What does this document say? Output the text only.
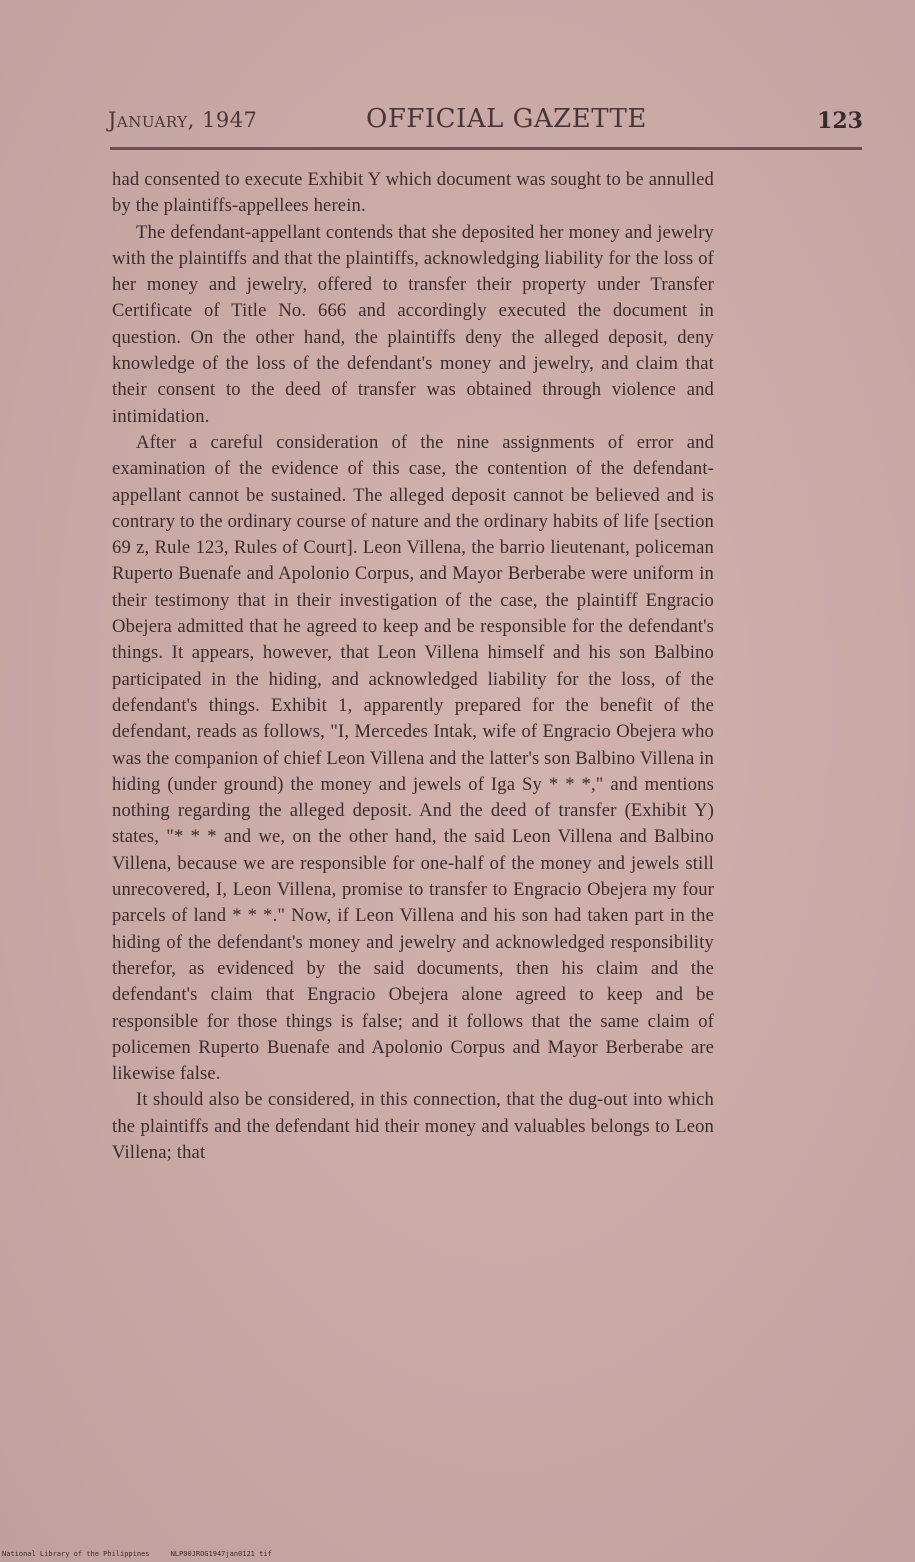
January, 1947	OFFICIAL GAZETTE	123

had consented to execute Exhibit Y which document was sought to be annulled by the plaintiffs-appellees herein.

The defendant-appellant contends that she deposited her money and jewelry with the plaintiffs and that the plaintiffs, acknowledging liability for the loss of her money and jewelry, offered to transfer their property under Transfer Certificate of Title No. 666 and accordingly executed the document in question. On the other hand, the plaintiffs deny the alleged deposit, deny knowledge of the loss of the defendant's money and jewelry, and claim that their consent to the deed of transfer was obtained through violence and intimidation.

After a careful consideration of the nine assignments of error and examination of the evidence of this case, the contention of the defendant-appellant cannot be sustained. The alleged deposit cannot be believed and is contrary to the ordinary course of nature and the ordinary habits of life [section 69 z, Rule 123, Rules of Court]. Leon Villena, the barrio lieutenant, policeman Ruperto Buenafe and Apolonio Corpus, and Mayor Berberabe were uniform in their testimony that in their investigation of the case, the plaintiff Engracio Obejera admitted that he agreed to keep and be responsible for the defendant's things. It appears, however, that Leon Villena himself and his son Balbino participated in the hiding, and acknowledged liability for the loss, of the defendant's things. Exhibit 1, apparently prepared for the benefit of the defendant, reads as follows, "I, Mercedes Intak, wife of Engracio Obejera who was the companion of chief Leon Villena and the latter's son Balbino Villena in hiding (under ground) the money and jewels of Iga Sy * * *," and mentions nothing regarding the alleged deposit. And the deed of transfer (Exhibit Y) states, "* * * and we, on the other hand, the said Leon Villena and Balbino Villena, because we are responsible for one-half of the money and jewels still unrecovered, I, Leon Villena, promise to transfer to Engracio Obejera my four parcels of land * * *." Now, if Leon Villena and his son had taken part in the hiding of the defendant's money and jewelry and acknowledged responsibility therefor, as evidenced by the said documents, then his claim and the defendant's claim that Engracio Obejera alone agreed to keep and be responsible for those things is false; and it follows that the same claim of policemen Ruperto Buenafe and Apolonio Corpus and Mayor Berberabe are likewise false.

It should also be considered, in this connection, that the dug-out into which the plaintiffs and the defendant hid their money and valuables belongs to Leon Villena; that

National Library of the Philippines	NLP00JROG1947jan0121 tif
